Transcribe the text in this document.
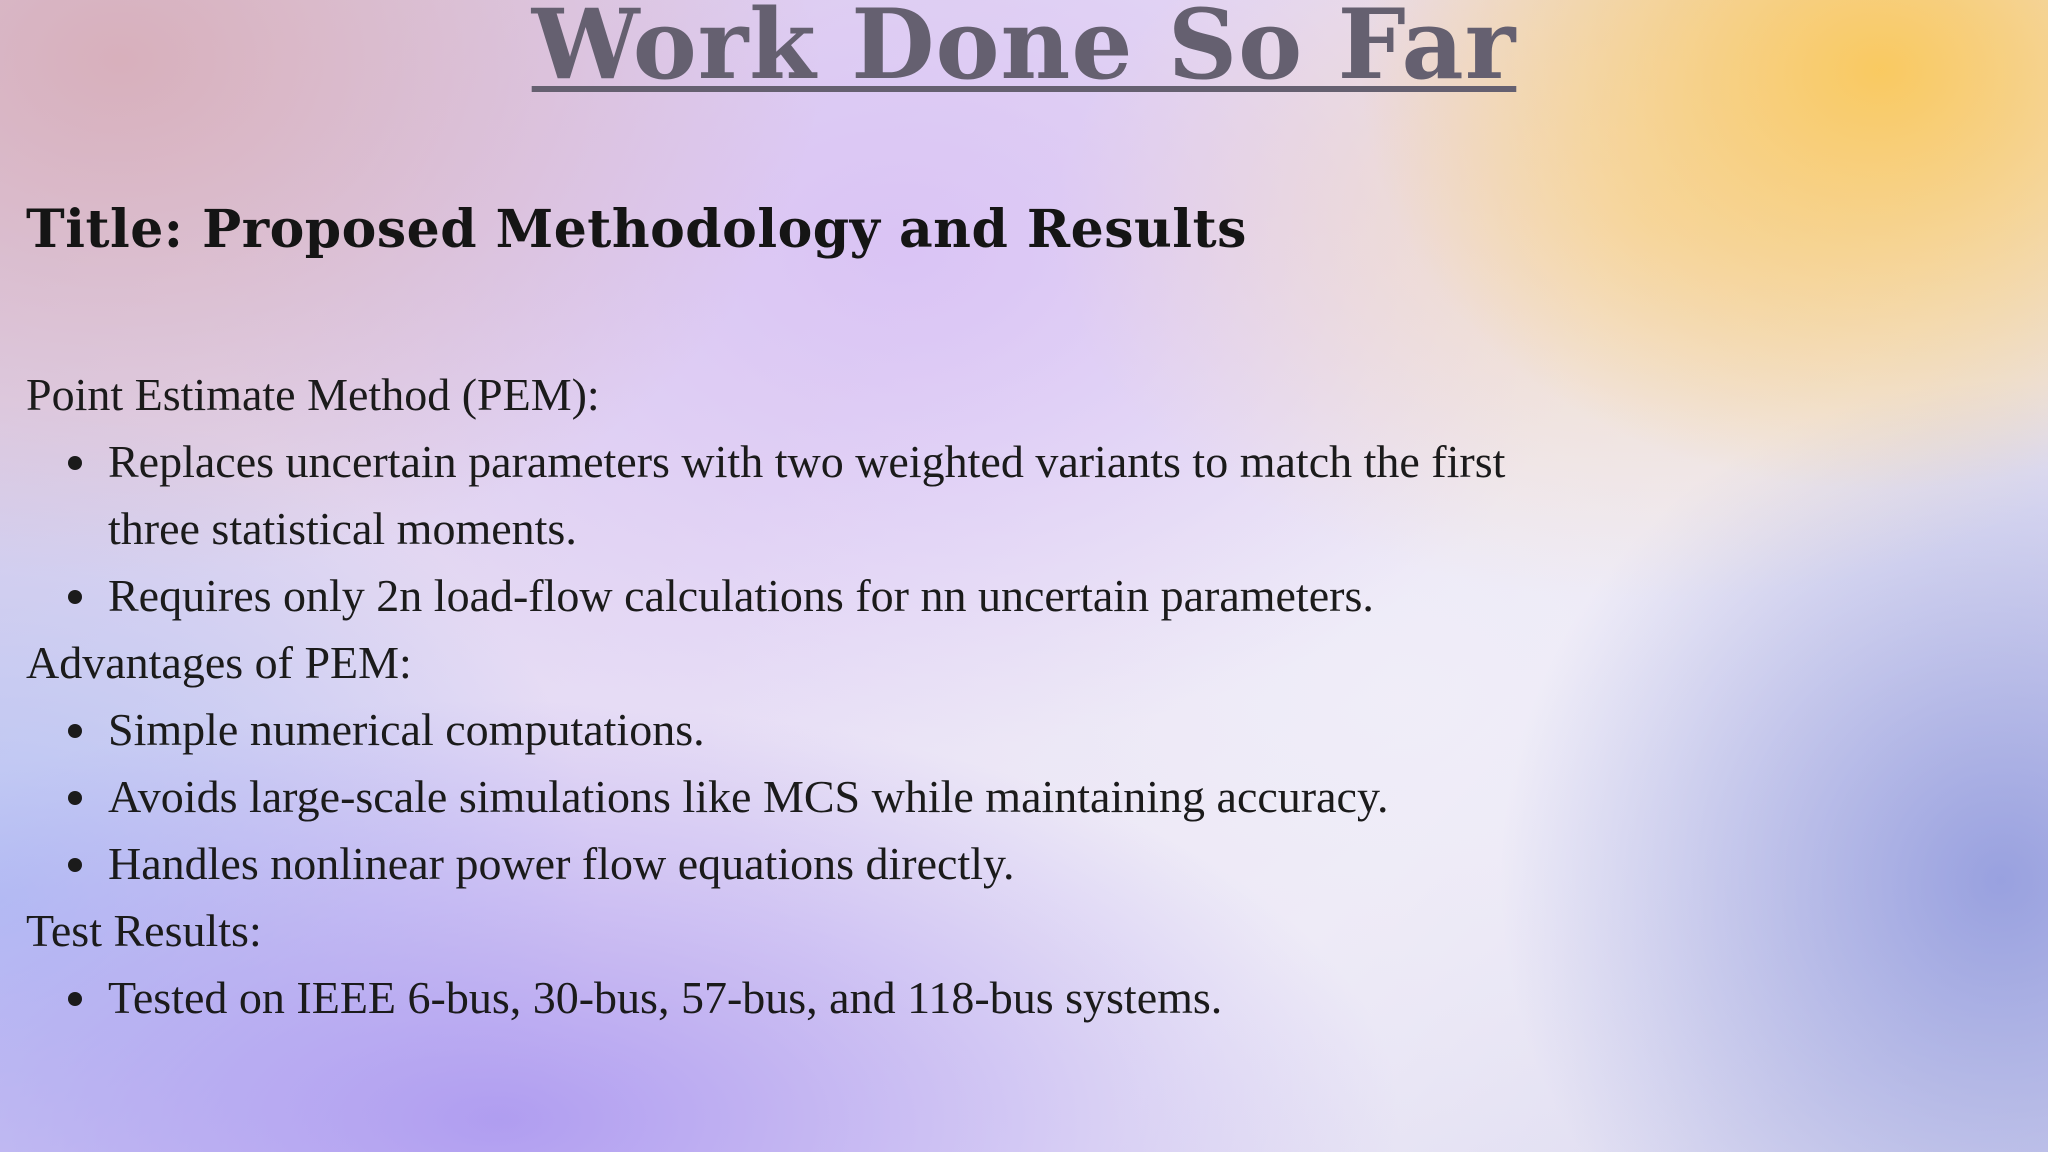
Work Done So Far
Title: Proposed Methodology and Results

Point Estimate Method (PEM):

Replaces uncertain parameters with two weighted variants to match the first three statistical moments.
Requires only 2n load-flow calculations for nn uncertain parameters.

Advantages of PEM:

Simple numerical computations.
Avoids large-scale simulations like MCS while maintaining accuracy.
Handles nonlinear power flow equations directly.

Test Results:

Tested on IEEE 6-bus, 30-bus, 57-bus, and 118-bus systems.
